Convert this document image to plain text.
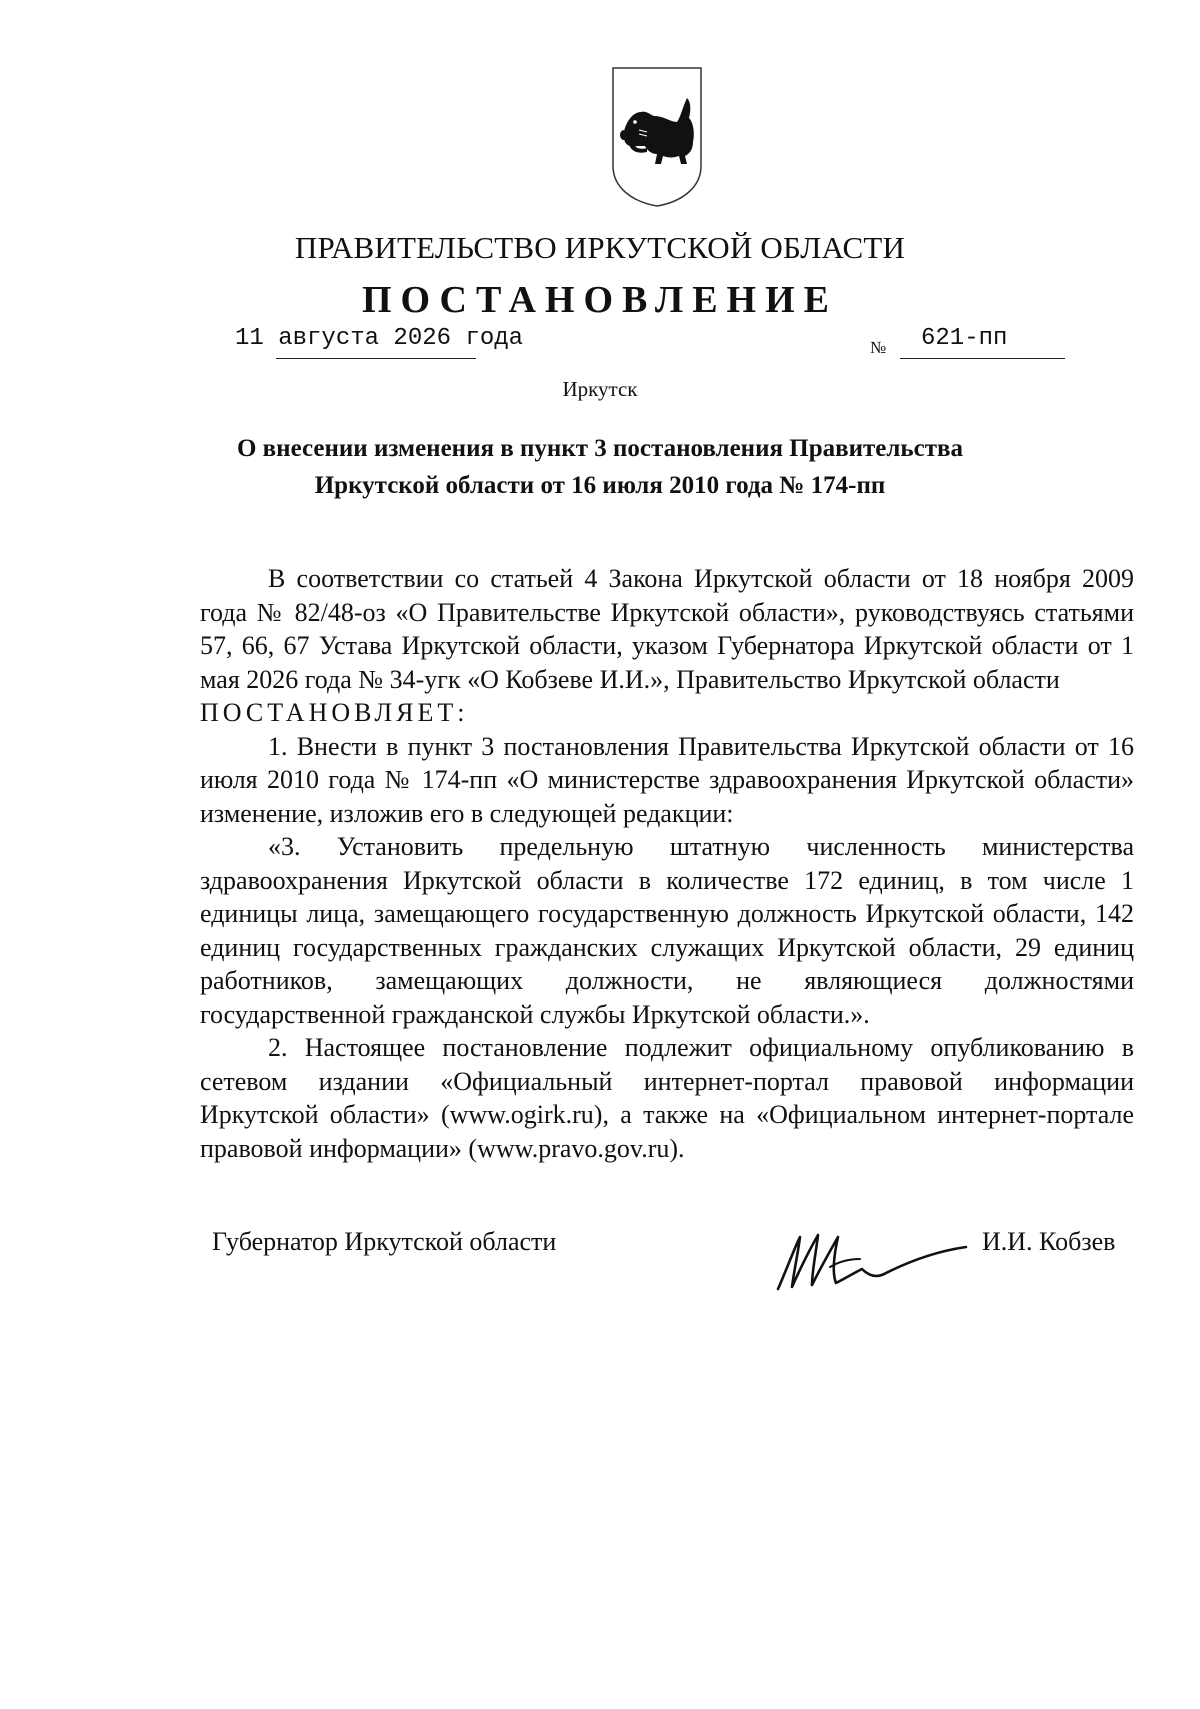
ПРАВИТЕЛЬСТВО ИРКУТСКОЙ ОБЛАСТИ
ПОСТАНОВЛЕНИЕ
11 августа 2026 года	№ 621-пп
Иркутск
О внесении изменения в пункт 3 постановления Правительства
Иркутской области от 16 июля 2010 года № 174-пп

В соответствии со статьей 4 Закона Иркутской области от 18 ноября 2009 года № 82/48-оз «О Правительстве Иркутской области», руководствуясь статьями 57, 66, 67 Устава Иркутской области, указом Губернатора Иркутской области от 1 мая 2026 года № 34-угк «О Кобзеве И.И.», Правительство Иркутской области

ПОСТАНОВЛЯЕТ:

1. Внести в пункт 3 постановления Правительства Иркутской области от 16 июля 2010 года № 174-пп «О министерстве здравоохранения Иркутской области» изменение, изложив его в следующей редакции:

«3. Установить предельную штатную численность министерства здравоохранения Иркутской области в количестве 172 единиц, в том числе 1 единицы лица, замещающего государственную должность Иркутской области, 142 единиц государственных гражданских служащих Иркутской области, 29 единиц работников, замещающих должности, не являющиеся должностями государственной гражданской службы Иркутской области.».

2. Настоящее постановление подлежит официальному опубликованию в сетевом издании «Официальный интернет-портал правовой информации Иркутской области» (www.ogirk.ru), а также на «Официальном интернет-портале правовой информации» (www.pravo.gov.ru).

Губернатор Иркутской области	И.И. Кобзев
